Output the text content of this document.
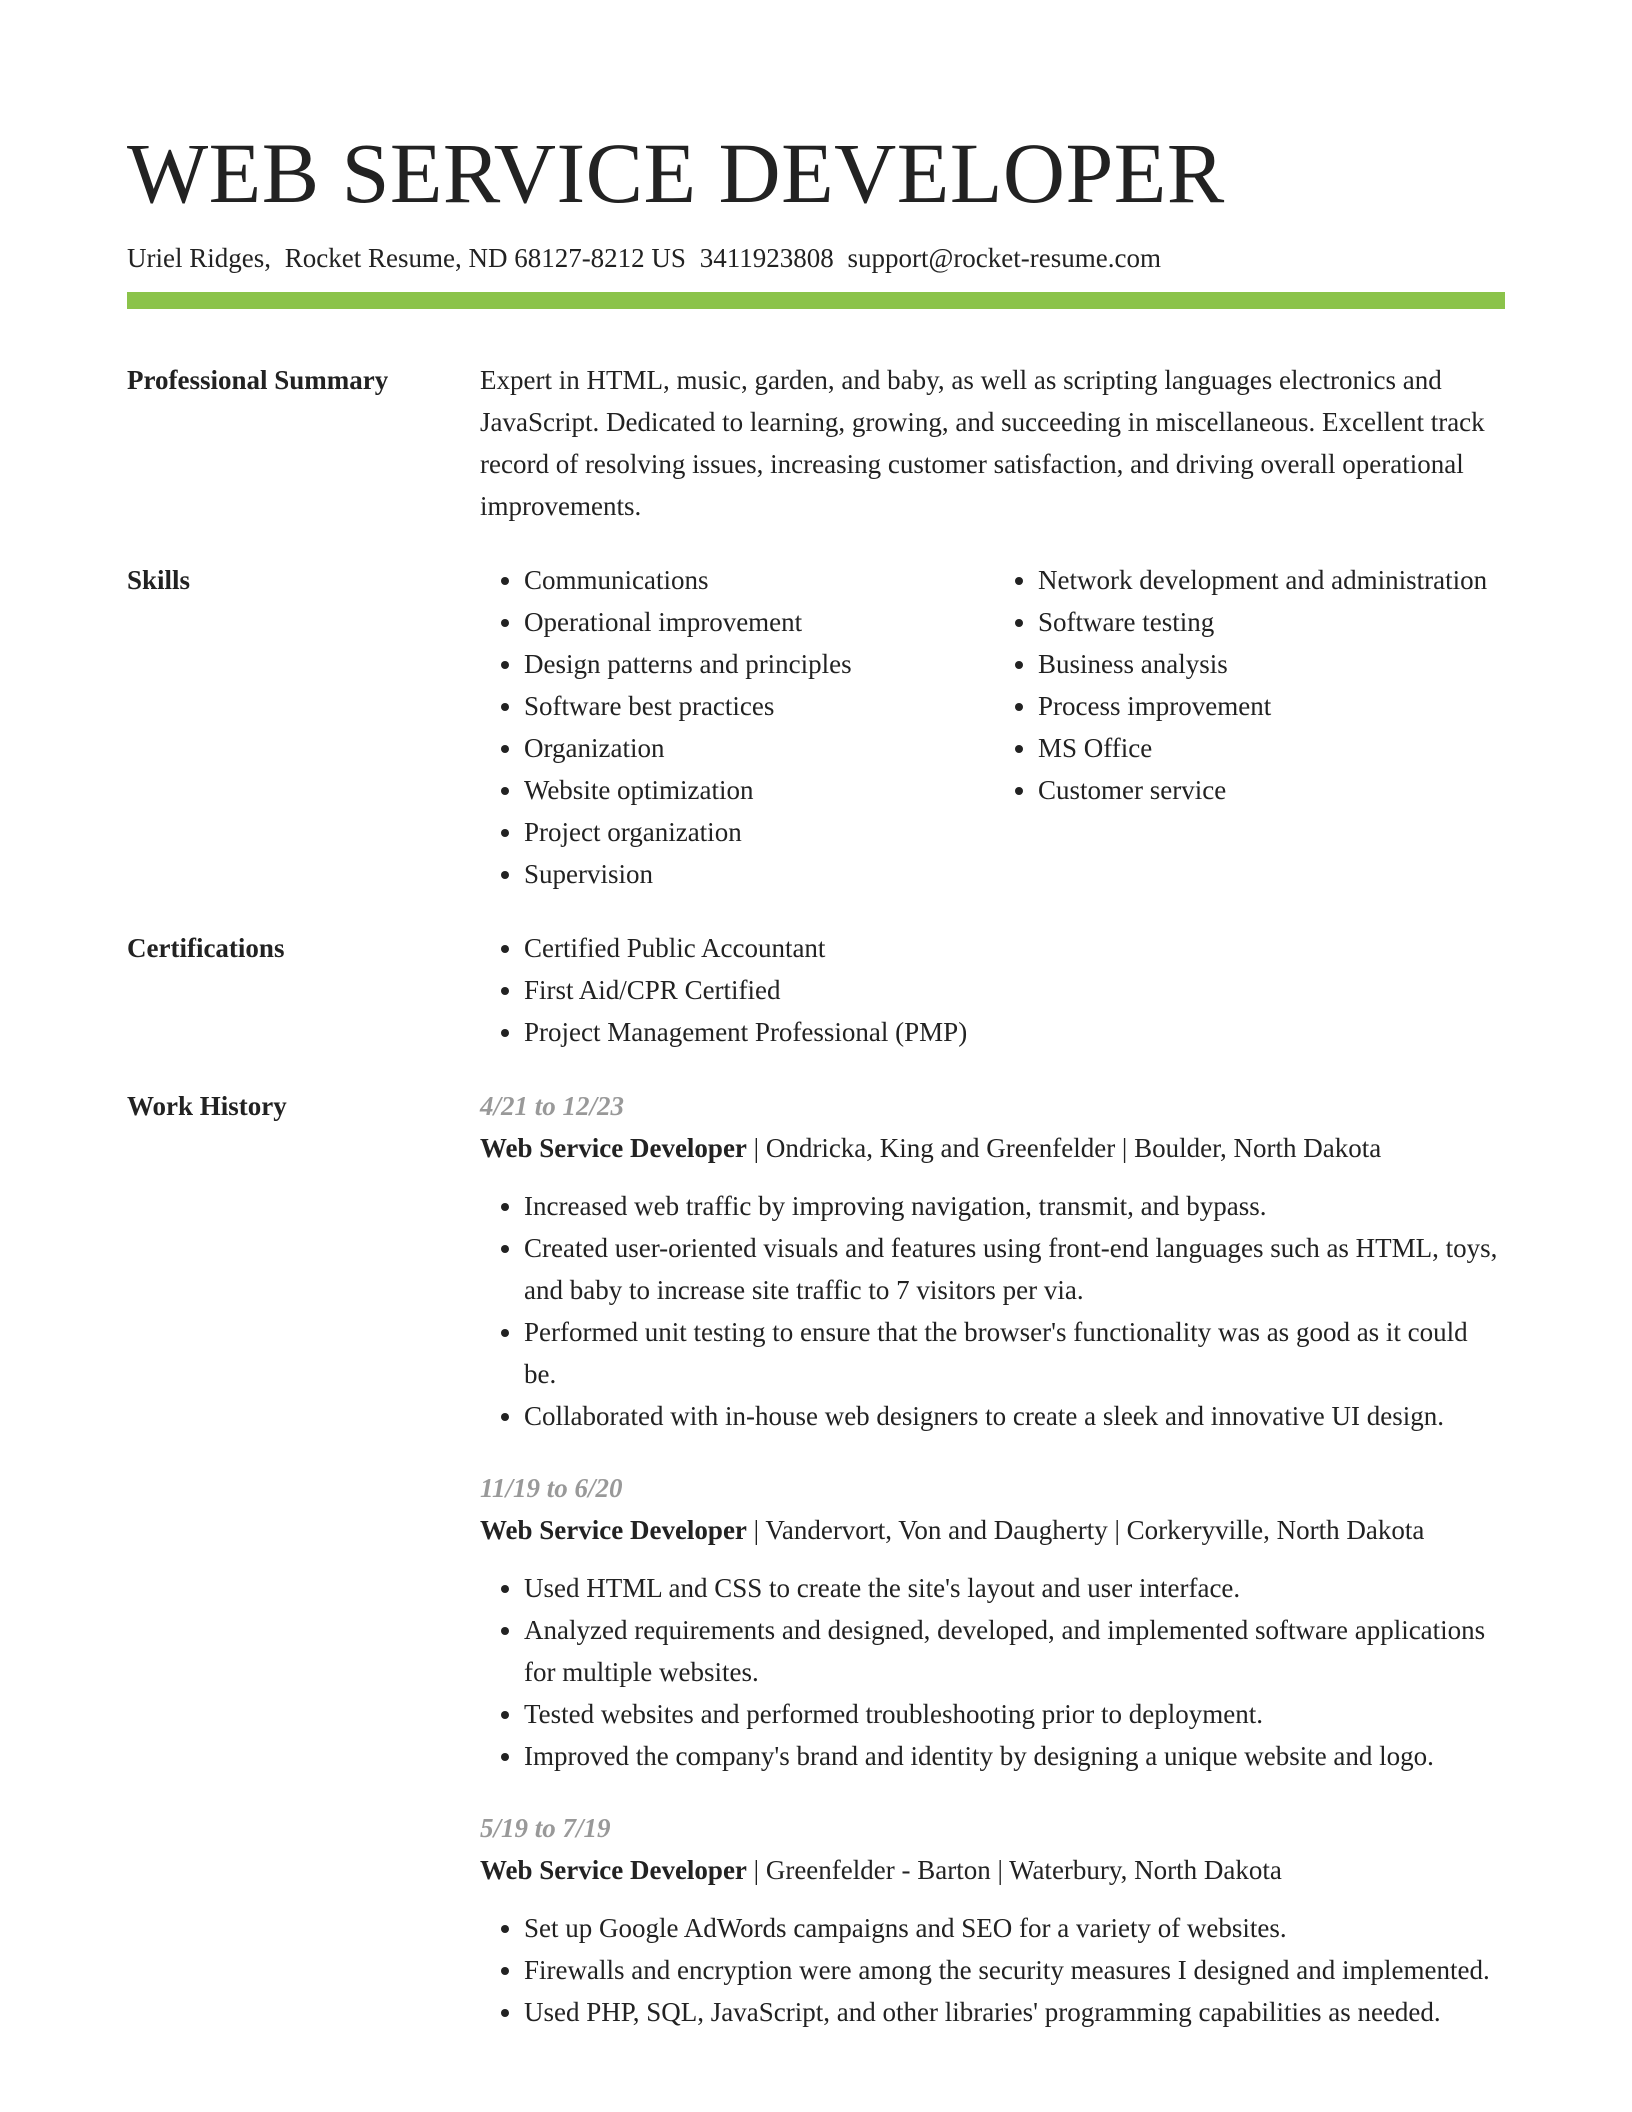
WEB SERVICE DEVELOPER
Uriel Ridges, Rocket Resume, ND 68127-8212 US 3411923808 support@rocket-resume.com
Professional Summary	Expert in HTML, music, garden, and baby, as well as scripting languages electronics and JavaScript. Dedicated to learning, growing, and succeeding in miscellaneous. Excellent track record of resolving issues, increasing customer satisfaction, and driving overall operational improvements.

Skills	• Communications
• Operational improvement
• Design patterns and principles
• Software best practices
• Organization
• Website optimization
• Project organization
• Supervision
• Network development and administration
• Software testing
• Business analysis
• Process improvement
• MS Office
• Customer service
Certifications	• Certified Public Accountant
• First Aid/CPR Certified
• Project Management Professional (PMP)
Work History	4/21 to 12/23
Web Service Developer | Ondricka, King and Greenfelder | Boulder, North Dakota
• Increased web traffic by improving navigation, transmit, and bypass.
• Created user-oriented visuals and features using front-end languages such as HTML, toys, and baby to increase site traffic to 7 visitors per via.
• Performed unit testing to ensure that the browser's functionality was as good as it could be.
• Collaborated with in-house web designers to create a sleek and innovative UI design.
11/19 to 6/20
Web Service Developer | Vandervort, Von and Daugherty | Corkeryville, North Dakota
• Used HTML and CSS to create the site's layout and user interface.
• Analyzed requirements and designed, developed, and implemented software applications for multiple websites.
• Tested websites and performed troubleshooting prior to deployment.
• Improved the company's brand and identity by designing a unique website and logo.
5/19 to 7/19
Web Service Developer | Greenfelder - Barton | Waterbury, North Dakota
• Set up Google AdWords campaigns and SEO for a variety of websites.
• Firewalls and encryption were among the security measures I designed and implemented.
• Used PHP, SQL, JavaScript, and other libraries' programming capabilities as needed.
